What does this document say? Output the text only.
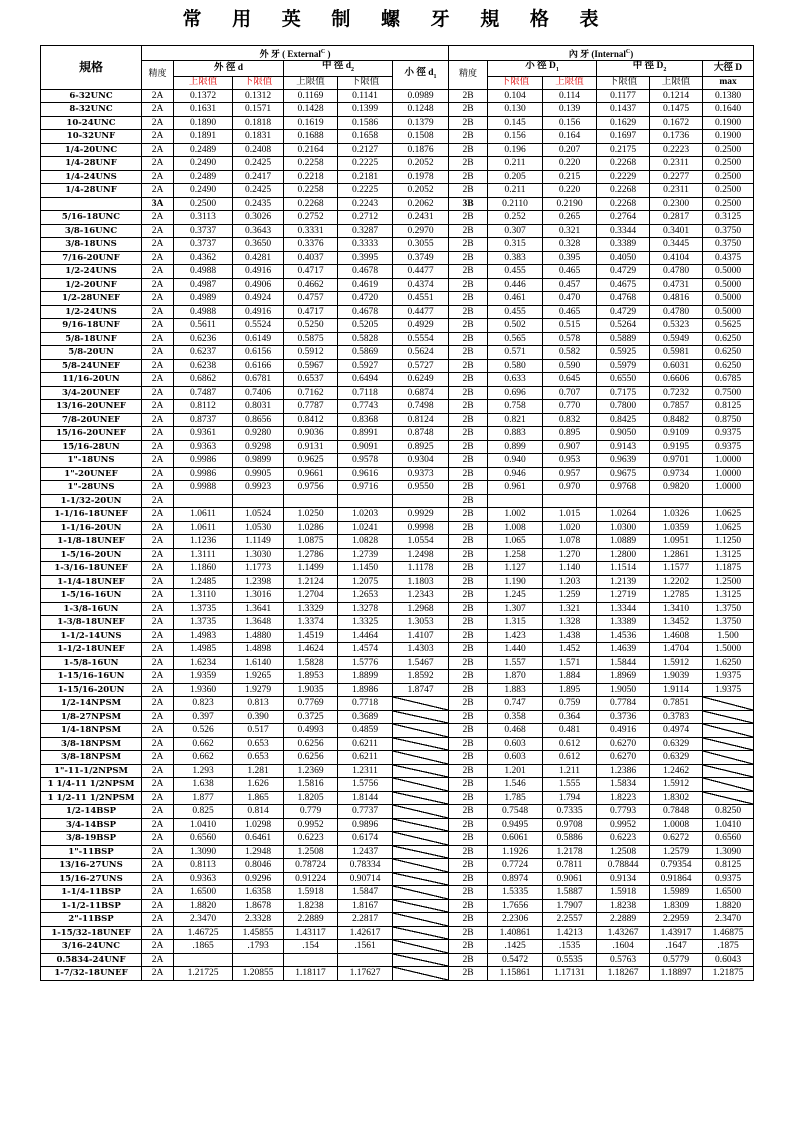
常 用 英 制 螺 牙 規 格 表
規格	外 牙 ( External$^C$ )						內 牙 (Internal$^C$)					
	精度	外 徑 d		中 徑 $d_2$		小 徑 $d_1$	精度	小 徑 $D_1$		中 徑 $D_2$		大徑 D
		上限值	下限值	上限值	下限值			下限值	上限值	下限值	上限值	max
6-32UNC	2A	0.1372	0.1312	0.1169	0.1141	0.0989	2B	0.104	0.114	0.1177	0.1214	0.1380
8-32UNC	2A	0.1631	0.1571	0.1428	0.1399	0.1248	2B	0.130	0.139	0.1437	0.1475	0.1640
10-24UNC	2A	0.1890	0.1818	0.1619	0.1586	0.1379	2B	0.145	0.156	0.1629	0.1672	0.1900
10-32UNF	2A	0.1891	0.1831	0.1688	0.1658	0.1508	2B	0.156	0.164	0.1697	0.1736	0.1900
1/4-20UNC	2A	0.2489	0.2408	0.2164	0.2127	0.1876	2B	0.196	0.207	0.2175	0.2223	0.2500
1/4-28UNF	2A	0.2490	0.2425	0.2258	0.2225	0.2052	2B	0.211	0.220	0.2268	0.2311	0.2500
1/4-24UNS	2A	0.2489	0.2417	0.2218	0.2181	0.1978	2B	0.205	0.215	0.2229	0.2277	0.2500
1/4-28UNF	2A	0.2490	0.2425	0.2258	0.2225	0.2052	2B	0.211	0.220	0.2268	0.2311	0.2500
	3A	0.2500	0.2435	0.2268	0.2243	0.2062	3B	0.2110	0.2190	0.2268	0.2300	0.2500
5/16-18UNC	2A	0.3113	0.3026	0.2752	0.2712	0.2431	2B	0.252	0.265	0.2764	0.2817	0.3125
3/8-16UNC	2A	0.3737	0.3643	0.3331	0.3287	0.2970	2B	0.307	0.321	0.3344	0.3401	0.3750
3/8-18UNS	2A	0.3737	0.3650	0.3376	0.3333	0.3055	2B	0.315	0.328	0.3389	0.3445	0.3750
7/16-20UNF	2A	0.4362	0.4281	0.4037	0.3995	0.3749	2B	0.383	0.395	0.4050	0.4104	0.4375
1/2-24UNS	2A	0.4988	0.4916	0.4717	0.4678	0.4477	2B	0.455	0.465	0.4729	0.4780	0.5000
1/2-20UNF	2A	0.4987	0.4906	0.4662	0.4619	0.4374	2B	0.446	0.457	0.4675	0.4731	0.5000
1/2-28UNEF	2A	0.4989	0.4924	0.4757	0.4720	0.4551	2B	0.461	0.470	0.4768	0.4816	0.5000
1/2-24UNS	2A	0.4988	0.4916	0.4717	0.4678	0.4477	2B	0.455	0.465	0.4729	0.4780	0.5000
9/16-18UNF	2A	0.5611	0.5524	0.5250	0.5205	0.4929	2B	0.502	0.515	0.5264	0.5323	0.5625
5/8-18UNF	2A	0.6236	0.6149	0.5875	0.5828	0.5554	2B	0.565	0.578	0.5889	0.5949	0.6250
5/8-20UN	2A	0.6237	0.6156	0.5912	0.5869	0.5624	2B	0.571	0.582	0.5925	0.5981	0.6250
5/8-24UNEF	2A	0.6238	0.6166	0.5967	0.5927	0.5727	2B	0.580	0.590	0.5979	0.6031	0.6250
11/16-20UN	2A	0.6862	0.6781	0.6537	0.6494	0.6249	2B	0.633	0.645	0.6550	0.6606	0.6785
3/4-20UNEF	2A	0.7487	0.7406	0.7162	0.7118	0.6874	2B	0.696	0.707	0.7175	0.7232	0.7500
13/16-20UNEF	2A	0.8112	0.8031	0.7787	0.7743	0.7498	2B	0.758	0.770	0.7800	0.7857	0.8125
7/8-20UNEF	2A	0.8737	0.8656	0.8412	0.8368	0.8124	2B	0.821	0.832	0.8425	0.8482	0.8750
15/16-20UNEF	2A	0.9361	0.9280	0.9036	0.8991	0.8748	2B	0.883	0.895	0.9050	0.9109	0.9375
15/16-28UN	2A	0.9363	0.9298	0.9131	0.9091	0.8925	2B	0.899	0.907	0.9143	0.9195	0.9375
1"-18UNS	2A	0.9986	0.9899	0.9625	0.9578	0.9304	2B	0.940	0.953	0.9639	0.9701	1.0000
1"-20UNEF	2A	0.9986	0.9905	0.9661	0.9616	0.9373	2B	0.946	0.957	0.9675	0.9734	1.0000
1"-28UNS	2A	0.9988	0.9923	0.9756	0.9716	0.9550	2B	0.961	0.970	0.9768	0.9820	1.0000
1-1/32-20UN	2A						2B					
1-1/16-18UNEF	2A	1.0611	1.0524	1.0250	1.0203	0.9929	2B	1.002	1.015	1.0264	1.0326	1.0625
1-1/16-20UN	2A	1.0611	1.0530	1.0286	1.0241	0.9998	2B	1.008	1.020	1.0300	1.0359	1.0625
1-1/8-18UNEF	2A	1.1236	1.1149	1.0875	1.0828	1.0554	2B	1.065	1.078	1.0889	1.0951	1.1250
1-5/16-20UN	2A	1.3111	1.3030	1.2786	1.2739	1.2498	2B	1.258	1.270	1.2800	1.2861	1.3125
1-3/16-18UNEF	2A	1.1860	1.1773	1.1499	1.1450	1.1178	2B	1.127	1.140	1.1514	1.1577	1.1875
1-1/4-18UNEF	2A	1.2485	1.2398	1.2124	1.2075	1.1803	2B	1.190	1.203	1.2139	1.2202	1.2500
1-5/16-16UN	2A	1.3110	1.3016	1.2704	1.2653	1.2343	2B	1.245	1.259	1.2719	1.2785	1.3125
1-3/8-16UN	2A	1.3735	1.3641	1.3329	1.3278	1.2968	2B	1.307	1.321	1.3344	1.3410	1.3750
1-3/8-18UNEF	2A	1.3735	1.3648	1.3374	1.3325	1.3053	2B	1.315	1.328	1.3389	1.3452	1.3750
1-1/2-14UNS	2A	1.4983	1.4880	1.4519	1.4464	1.4107	2B	1.423	1.438	1.4536	1.4608	1.500
1-1/2-18UNEF	2A	1.4985	1.4898	1.4624	1.4574	1.4303	2B	1.440	1.452	1.4639	1.4704	1.5000
1-5/8-16UN	2A	1.6234	1.6140	1.5828	1.5776	1.5467	2B	1.557	1.571	1.5844	1.5912	1.6250
1-15/16-16UN	2A	1.9359	1.9265	1.8953	1.8899	1.8592	2B	1.870	1.884	1.8969	1.9039	1.9375
1-15/16-20UN	2A	1.9360	1.9279	1.9035	1.8986	1.8747	2B	1.883	1.895	1.9050	1.9114	1.9375
1/2-14NPSM	2A	0.823	0.813	0.7769	0.7718		2B	0.747	0.759	0.7784	0.7851	
1/8-27NPSM	2A	0.397	0.390	0.3725	0.3689		2B	0.358	0.364	0.3736	0.3783	
1/4-18NPSM	2A	0.526	0.517	0.4993	0.4859		2B	0.468	0.481	0.4916	0.4974	
3/8-18NPSM	2A	0.662	0.653	0.6256	0.6211		2B	0.603	0.612	0.6270	0.6329	
3/8-18NPSM	2A	0.662	0.653	0.6256	0.6211		2B	0.603	0.612	0.6270	0.6329	
1"-11-1/2NPSM	2A	1.293	1.281	1.2369	1.2311		2B	1.201	1.211	1.2386	1.2462	
1 1/4-11 1/2NPSM	2A	1.638	1.626	1.5816	1.5756		2B	1.546	1.555	1.5834	1.5912	
1 1/2-11 1/2NPSM	2A	1.877	1.865	1.8205	1.8144		2B	1.785	1.794	1.8223	1.8302	
1/2-14BSP	2A	0.825	0.814	0.779	0.7737		2B	0.7548	0.7335	0.7793	0.7848	0.8250
3/4-14BSP	2A	1.0410	1.0298	0.9952	0.9896		2B	0.9495	0.9708	0.9952	1.0008	1.0410
3/8-19BSP	2A	0.6560	0.6461	0.6223	0.6174		2B	0.6061	0.5886	0.6223	0.6272	0.6560
1"-11BSP	2A	1.3090	1.2948	1.2508	1.2437		2B	1.1926	1.2178	1.2508	1.2579	1.3090
13/16-27UNS	2A	0.8113	0.8046	0.78724	0.78334		2B	0.7724	0.7811	0.78844	0.79354	0.8125
15/16-27UNS	2A	0.9363	0.9296	0.91224	0.90714		2B	0.8974	0.9061	0.9134	0.91864	0.9375
1-1/4-11BSP	2A	1.6500	1.6358	1.5918	1.5847		2B	1.5335	1.5887	1.5918	1.5989	1.6500
1-1/2-11BSP	2A	1.8820	1.8678	1.8238	1.8167		2B	1.7656	1.7907	1.8238	1.8309	1.8820
2"-11BSP	2A	2.3470	2.3328	2.2889	2.2817		2B	2.2306	2.2557	2.2889	2.2959	2.3470
1-15/32-18UNEF	2A	1.46725	1.45855	1.43117	1.42617		2B	1.40861	1.4213	1.43267	1.43917	1.46875
3/16-24UNC	2A	.1865	.1793	.154	.1561		2B	.1425	.1535	.1604	.1647	.1875
0.5834-24UNF	2A						2B	0.5472	0.5535	0.5763	0.5779	0.6043
1-7/32-18UNEF	2A	1.21725	1.20855	1.18117	1.17627		2B	1.15861	1.17131	1.18267	1.18897	1.21875
